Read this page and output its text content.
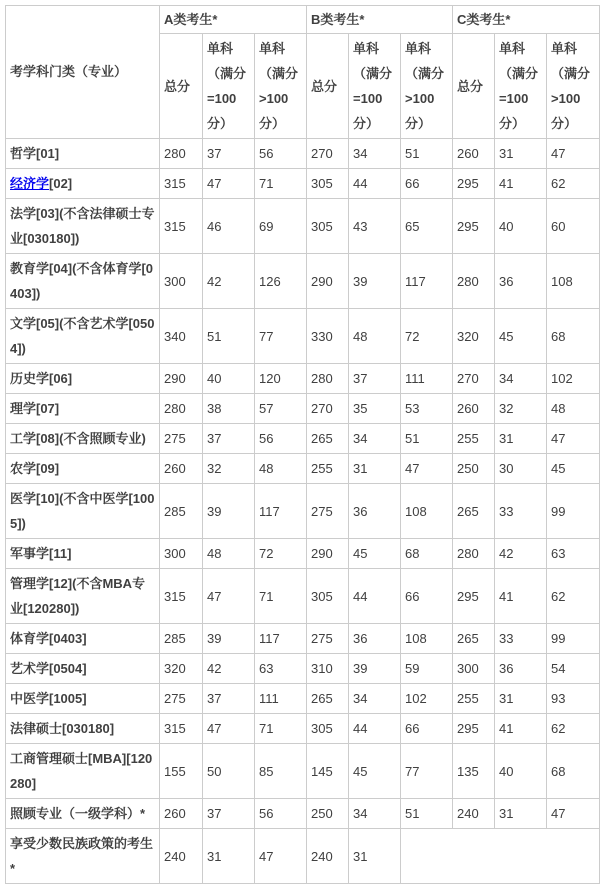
考学科门类（专业）	A类考生*			B类考生*			C类考生*		
	总分	单科（满分=100分）	单科（满分>100分）	总分	单科（满分=100分）	单科（满分>100分）	总分	单科（满分=100分）	单科（满分>100分）
哲学[01]	280	37	56	270	34	51	260	31	47
经济学[02]	315	47	71	305	44	66	295	41	62
法学[03](不含法律硕士专业[030180])	315	46	69	305	43	65	295	40	60
教育学[04](不含体育学[0403])	300	42	126	290	39	117	280	36	108
文学[05](不含艺术学[0504])	340	51	77	330	48	72	320	45	68
历史学[06]	290	40	120	280	37	111	270	34	102
理学[07]	280	38	57	270	35	53	260	32	48
工学[08](不含照顾专业)	275	37	56	265	34	51	255	31	47
农学[09]	260	32	48	255	31	47	250	30	45
医学[10](不含中医学[1005])	285	39	117	275	36	108	265	33	99
军事学[11]	300	48	72	290	45	68	280	42	63
管理学[12](不含MBA专业[120280])	315	47	71	305	44	66	295	41	62
体育学[0403]	285	39	117	275	36	108	265	33	99
艺术学[0504]	320	42	63	310	39	59	300	36	54
中医学[1005]	275	37	111	265	34	102	255	31	93
法律硕士[030180]	315	47	71	305	44	66	295	41	62
工商管理硕士[MBA][120280]	155	50	85	145	45	77	135	40	68
照顾专业（一级学科）*	260	37	56	250	34	51	240	31	47
享受少数民族政策的考生*	240	31	47	240	31				
